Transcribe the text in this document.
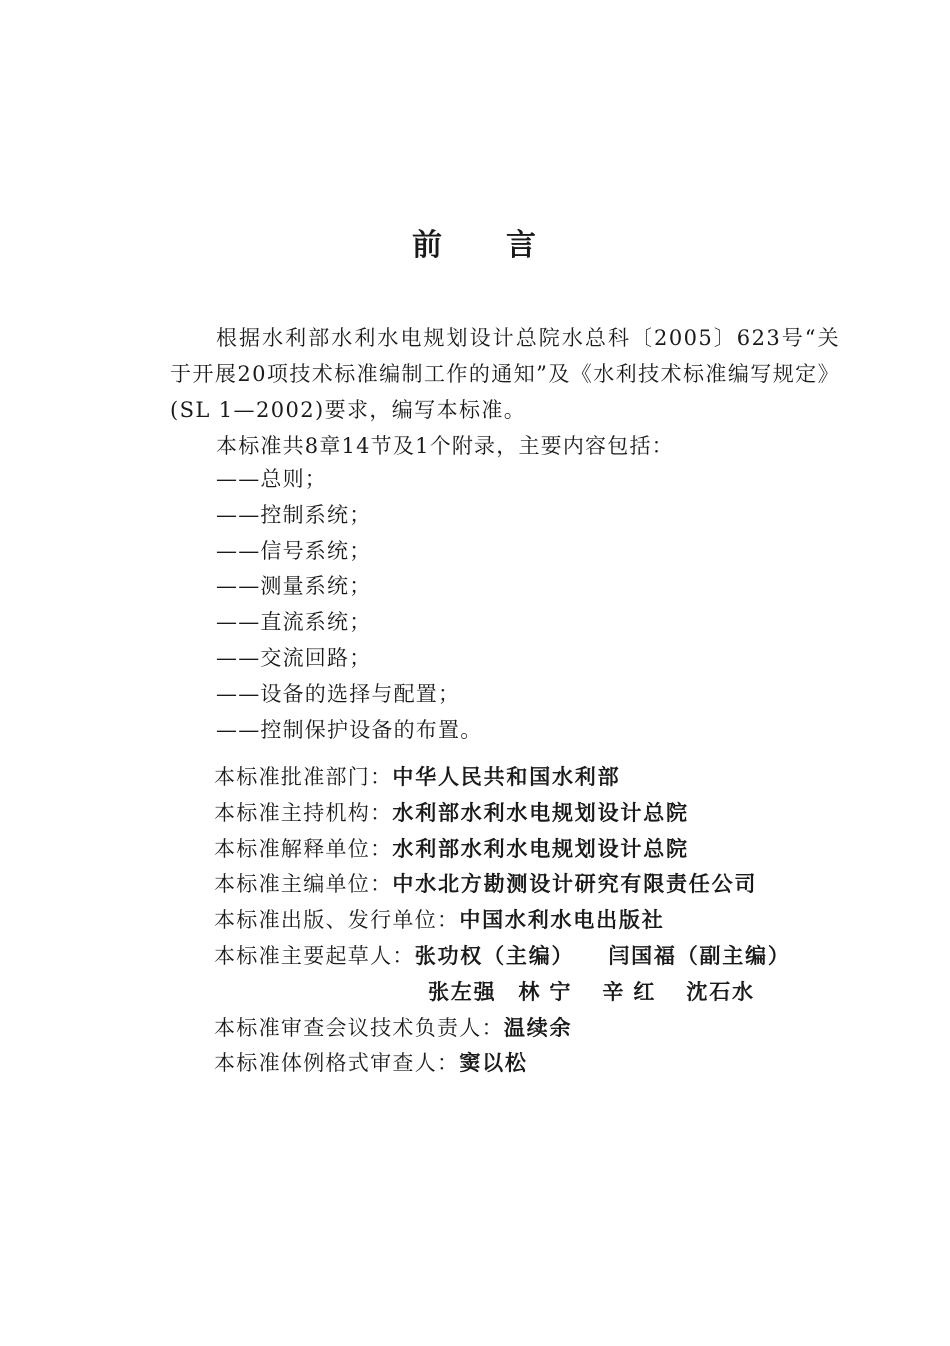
前 言

根据水利部水利水电规划设计总院水总科〔2005〕623号“关于开展20项技术标准编制工作的通知”及《水利技术标准编写规定》(SL 1—2002)要求，编写本标准。

本标准共8章14节及1个附录，主要内容包括：
——总则；
——控制系统；
——信号系统；
——测量系统；
——直流系统；
——交流回路；
——设备的选择与配置；
——控制保护设备的布置。
本标准批准部门：中华人民共和国水利部
本标准主持机构：水利部水利水电规划设计总院
本标准解释单位：水利部水利水电规划设计总院
本标准主编单位：中水北方勘测设计研究有限责任公司
本标准出版、发行单位：中国水利水电出版社
本标准主要起草人：张功权（主编） 闫国福（副主编）
张左强 林宁 辛红 沈石水
本标准审查会议技术负责人：温续余
本标准体例格式审查人：窦以松
